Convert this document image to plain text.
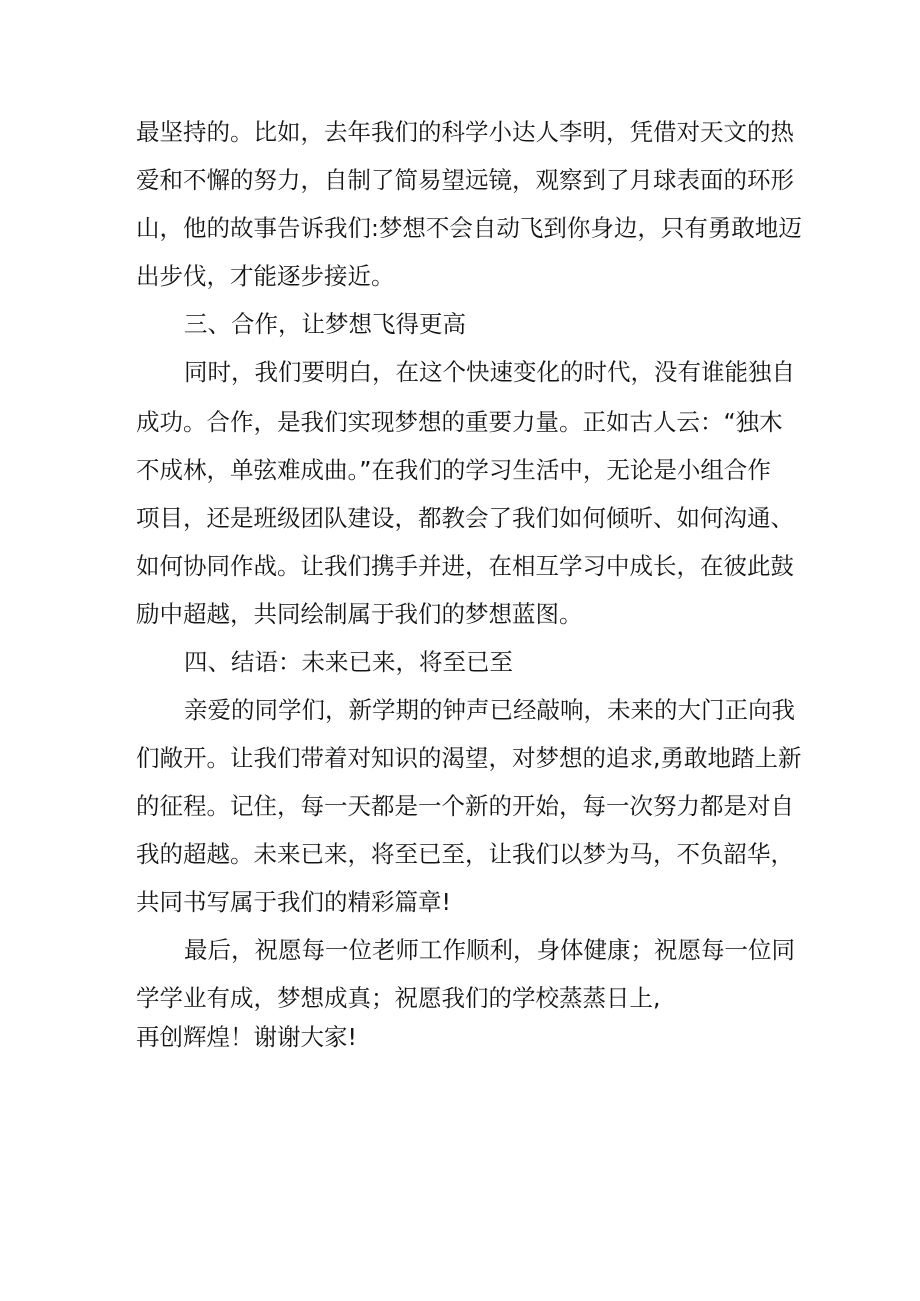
最坚持的。比如，去年我们的科学小达人李明，凭借对天文的热
爱和不懈的努力，自制了简易望远镜，观察到了月球表面的环形
山，他的故事告诉我们:梦想不会自动飞到你身边，只有勇敢地迈
出步伐，才能逐步接近。
三、合作，让梦想飞得更高
同时，我们要明白，在这个快速变化的时代，没有谁能独自
成功。合作，是我们实现梦想的重要力量。正如古人云：“独木
不成林，单弦难成曲。”在我们的学习生活中，无论是小组合作
项目，还是班级团队建设，都教会了我们如何倾听、如何沟通、
如何协同作战。让我们携手并进，在相互学习中成长，在彼此鼓
励中超越，共同绘制属于我们的梦想蓝图。
四、结语：未来已来，将至已至
亲爱的同学们，新学期的钟声已经敲响，未来的大门正向我
们敞开。让我们带着对知识的渴望，对梦想的追求,勇敢地踏上新
的征程。记住，每一天都是一个新的开始，每一次努力都是对自
我的超越。未来已来，将至已至，让我们以梦为马，不负韶华，
共同书写属于我们的精彩篇章!
最后，祝愿每一位老师工作顺利，身体健康；祝愿每一位同
学学业有成，梦想成真；祝愿我们的学校蒸蒸日上,
再创辉煌！谢谢大家!
